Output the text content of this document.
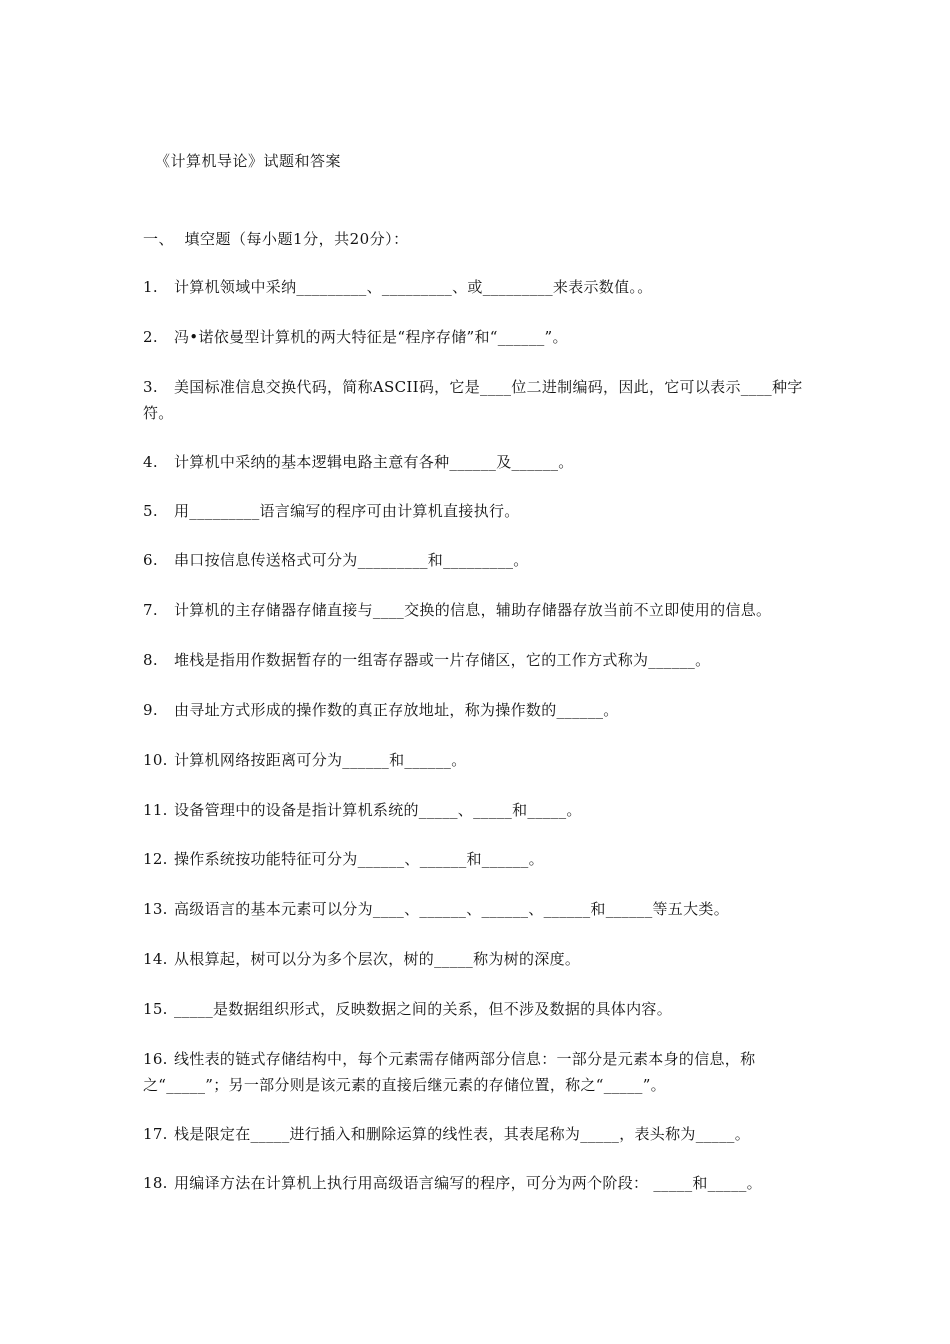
《计算机导论》试题和答案
一、  填空题（每小题1分，共20分）：
1. 计算机领域中采纳_________、_________、或_________来表示数值。。
2. 冯•诺依曼型计算机的两大特征是“程序存储”和“______”。
3. 美国标准信息交换代码，简称ASCII码，它是____位二进制编码，因此，它可以表示____种字符。
4. 计算机中采纳的基本逻辑电路主意有各种______及______。
5. 用_________语言编写的程序可由计算机直接执行。
6. 串口按信息传送格式可分为_________和_________。
7. 计算机的主存储器存储直接与____交换的信息，辅助存储器存放当前不立即使用的信息。
8. 堆栈是指用作数据暂存的一组寄存器或一片存储区，它的工作方式称为______。
9. 由寻址方式形成的操作数的真正存放地址，称为操作数的______。
10. 计算机网络按距离可分为______和______。
11. 设备管理中的设备是指计算机系统的_____、_____和_____。
12. 操作系统按功能特征可分为______、______和______。
13. 高级语言的基本元素可以分为____、______、______、______和______等五大类。
14. 从根算起，树可以分为多个层次，树的_____称为树的深度。
15. _____是数据组织形式，反映数据之间的关系，但不涉及数据的具体内容。
16. 线性表的链式存储结构中，每个元素需存储两部分信息：一部分是元素本身的信息，称之“_____”；另一部分则是该元素的直接后继元素的存储位置，称之“_____”。
17. 栈是限定在_____进行插入和删除运算的线性表，其表尾称为_____，表头称为_____。
18. 用编译方法在计算机上执行用高级语言编写的程序，可分为两个阶段： _____和_____。
